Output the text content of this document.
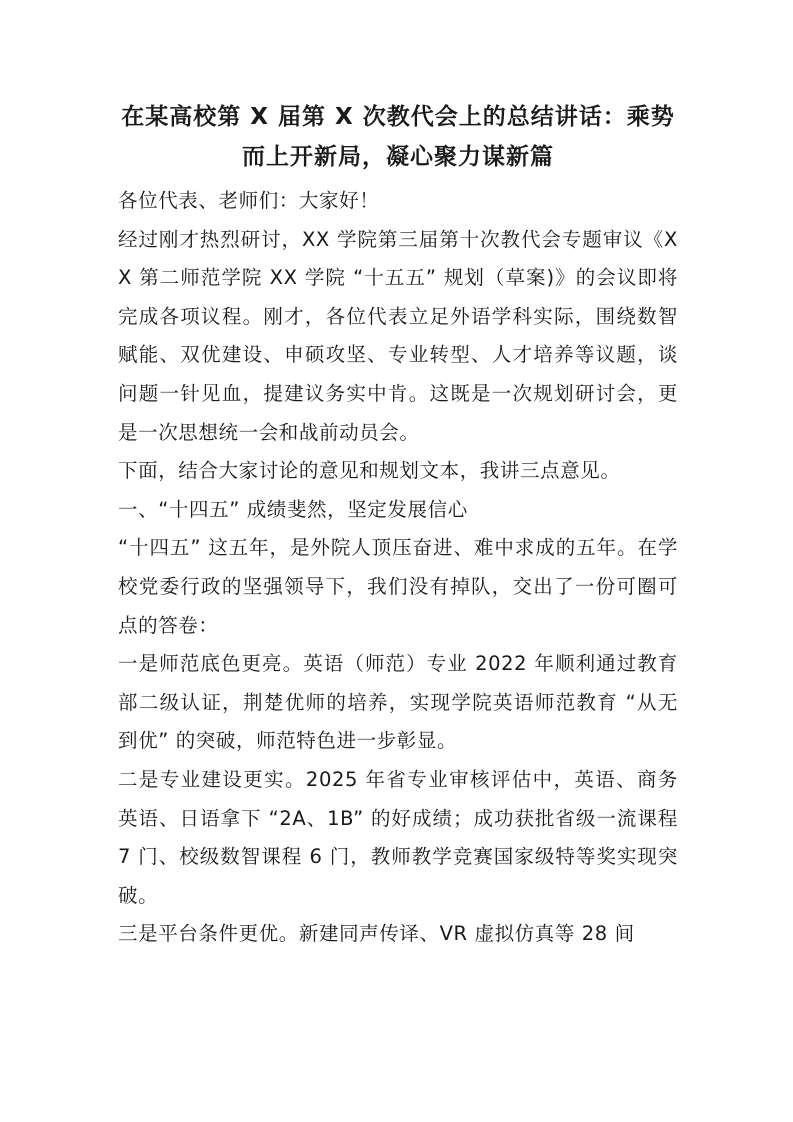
在某高校第 X 届第 X 次教代会上的总结讲话：乘势而上开新局，凝心聚力谋新篇

各位代表、老师们：大家好！

经过刚才热烈研讨，XX 学院第三届第十次教代会专题审议《XX 第二师范学院 XX 学院 “十五五” 规划（草案)》的会议即将完成各项议程。刚才，各位代表立足外语学科实际，围绕数智赋能、双优建设、申硕攻坚、专业转型、人才培养等议题，谈问题一针见血，提建议务实中肯。这既是一次规划研讨会，更是一次思想统一会和战前动员会。

下面，结合大家讨论的意见和规划文本，我讲三点意见。

一、“十四五” 成绩斐然，坚定发展信心

“十四五” 这五年，是外院人顶压奋进、难中求成的五年。在学校党委行政的坚强领导下，我们没有掉队，交出了一份可圈可点的答卷：

一是师范底色更亮。英语（师范）专业 2022 年顺利通过教育部二级认证，荆楚优师的培养，实现学院英语师范教育 “从无到优” 的突破，师范特色进一步彰显。

二是专业建设更实。2025 年省专业审核评估中，英语、商务英语、日语拿下 “2A、1B” 的好成绩；成功获批省级一流课程 7 门、校级数智课程 6 门，教师教学竞赛国家级特等奖实现突破。

三是平台条件更优。新建同声传译、VR 虚拟仿真等 28 间
